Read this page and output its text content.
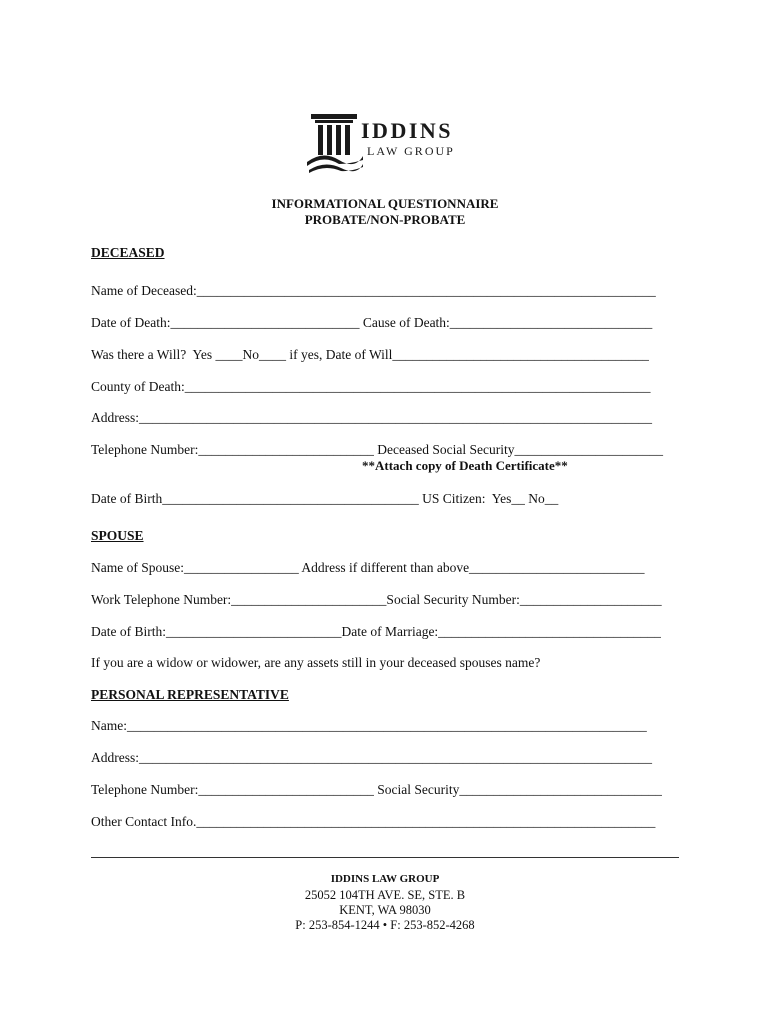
IDDINS
LAW GROUP
INFORMATIONAL QUESTIONNAIRE
PROBATE/NON-PROBATE
DECEASED
Name of Deceased:____________________________________________________________________
Date of Death:____________________________ Cause of Death:______________________________
Was there a Will?  Yes ____No____ if yes, Date of Will______________________________________
County of Death:_____________________________________________________________________
Address:____________________________________________________________________________
Telephone Number:__________________________ Deceased Social Security______________________
**Attach copy of Death Certificate**
Date of Birth______________________________________ US Citizen:  Yes__ No__
SPOUSE
Name of Spouse:_________________ Address if different than above__________________________
Work Telephone Number:_______________________Social Security Number:_____________________
Date of Birth:__________________________Date of Marriage:_________________________________
If you are a widow or widower, are any assets still in your deceased spouses name?
PERSONAL REPRESENTATIVE
Name:_____________________________________________________________________________
Address:____________________________________________________________________________
Telephone Number:__________________________ Social Security______________________________
Other Contact Info.____________________________________________________________________
IDDINS LAW GROUP
25052 104TH AVE. SE, STE. B
KENT, WA 98030
P: 253-854-1244 • F: 253-852-4268
